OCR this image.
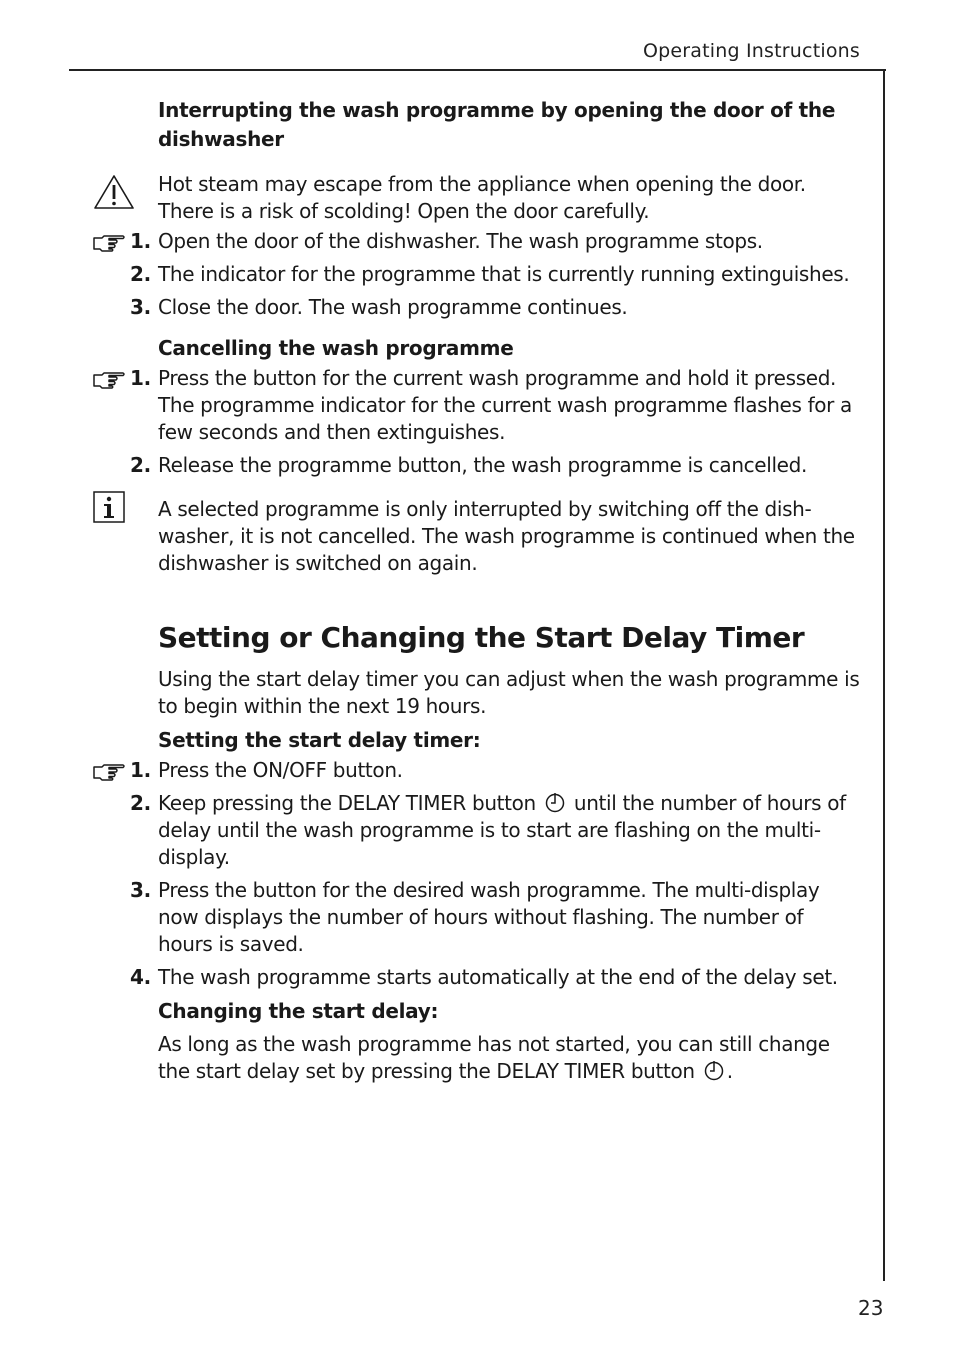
Operating Instructions

Interrupting the wash programme by opening the door of the dishwasher

Hot steam may escape from the appliance when opening the door. There is a risk of scolding! Open the door carefully.

1. Open the door of the dishwasher. The wash programme stops.

2. The indicator for the programme that is currently running extinguishes.

3. Close the door. The wash programme continues.

Cancelling the wash programme

1. Press the button for the current wash programme and hold it pressed. The programme indicator for the current wash programme flashes for a few seconds and then extinguishes.

2. Release the programme button, the wash programme is cancelled.

A selected programme is only interrupted by switching off the dish-washer, it is not cancelled. The wash programme is continued when the dishwasher is switched on again.

Setting or Changing the Start Delay Timer

Using the start delay timer you can adjust when the wash programme is to begin within the next 19 hours.

Setting the start delay timer:

1. Press the ON/OFF button.

2. Keep pressing the DELAY TIMER button until the number of hours of delay until the wash programme is to start are flashing on the multi-display.

3. Press the button for the desired wash programme. The multi-display now displays the number of hours without flashing. The number of hours is saved.

4. The wash programme starts automatically at the end of the delay set.

Changing the start delay:

As long as the wash programme has not started, you can still change the start delay set by pressing the DELAY TIMER button .

23
